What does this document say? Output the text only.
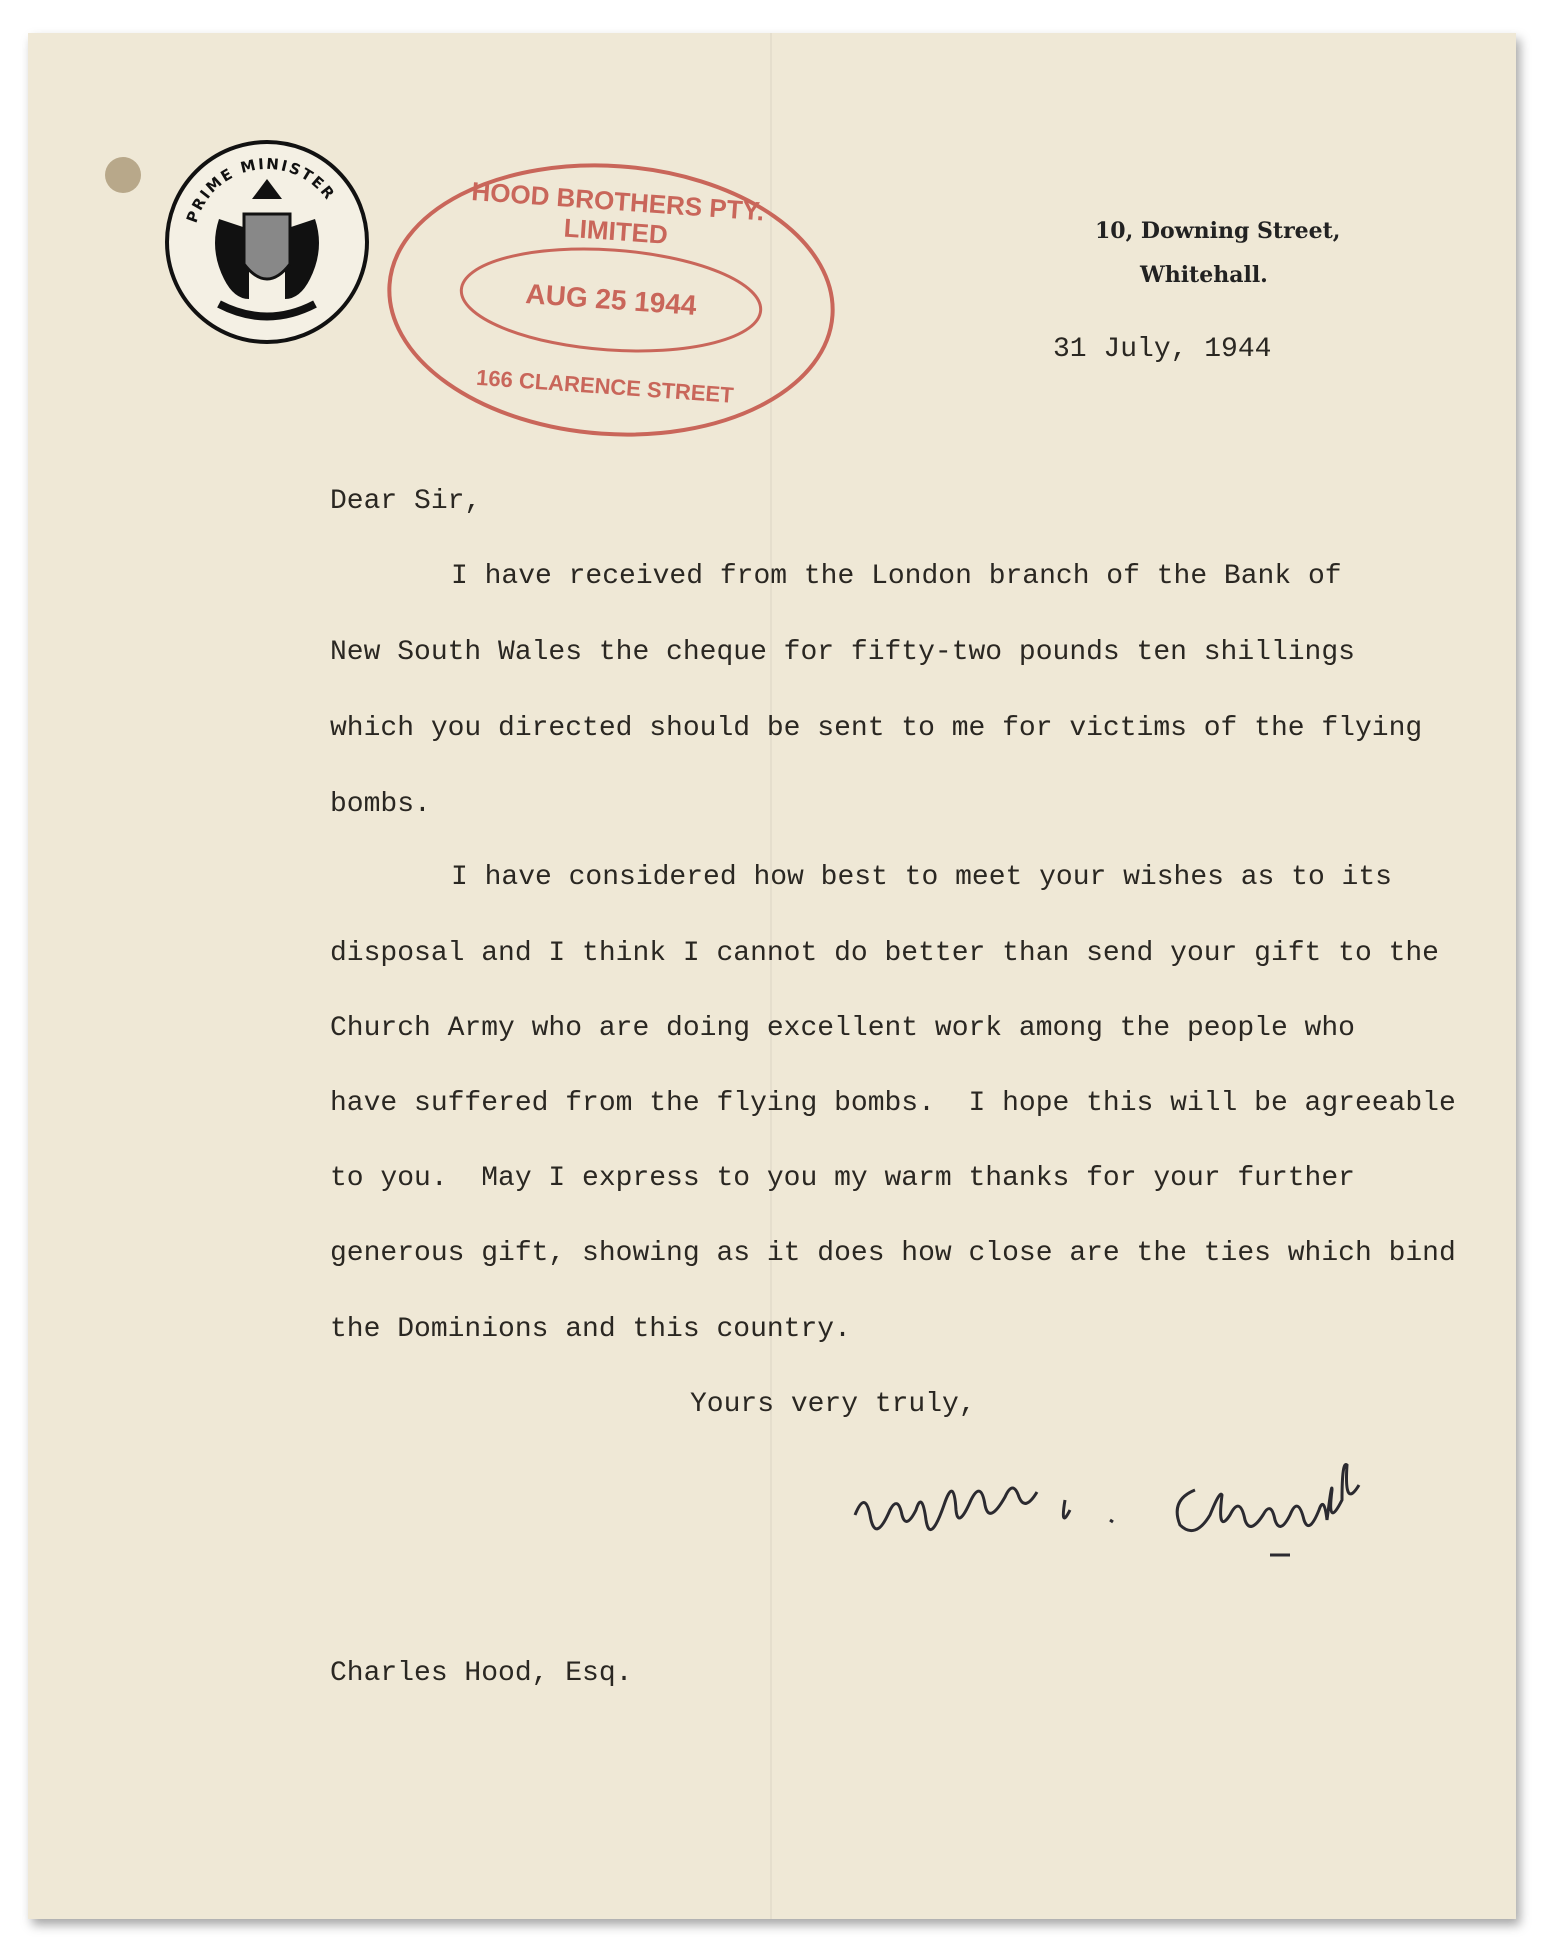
PRIME MINISTER	HOOD BROTHERS PTY. LIMITED
AUG 25 1944
166 CLARENCE STREET
10, Downing Street,
Whitehall.
31 July, 1944
Dear Sir,
I have received from the London branch of the Bank of
New South Wales the cheque for fifty-two pounds ten shillings
which you directed should be sent to me for victims of the flying
bombs.
I have considered how best to meet your wishes as to its
disposal and I think I cannot do better than send your gift to the
Church Army who are doing excellent work among the people who
have suffered from the flying bombs.  I hope this will be agreeable
to you.  May I express to you my warm thanks for your further
generous gift, showing as it does how close are the ties which bind
the Dominions and this country.
Yours very truly,
Charles Hood, Esq.
